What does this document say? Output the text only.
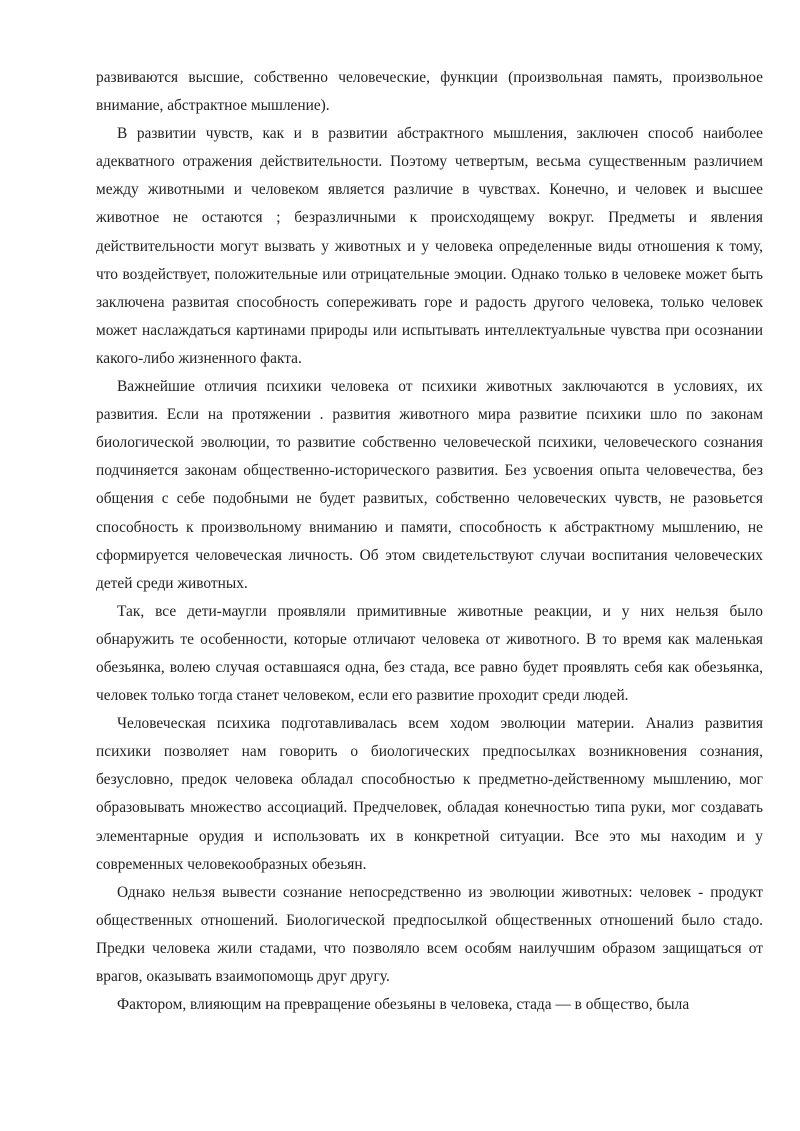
развиваются высшие, собственно человеческие, функции (произвольная память, произвольное внимание, абстрактное мышление).

В развитии чувств, как и в развитии абстрактного мышления, заключен способ наиболее адекватного отражения действительности. Поэтому четвертым, весьма существенным различием между животными и человеком является различие в чувствах. Конечно, и человек и высшее животное не остаются ; безразличными к происходящему вокруг. Предметы и явления действительности могут вызвать у животных и у человека определенные виды отношения к тому, что воздействует, положительные или отрицательные эмоции. Однако только в человеке может быть заключена развитая способность сопереживать горе и радость другого человека, только человек может наслаждаться картинами природы или испытывать интеллектуальные чувства при осознании какого-либо жизненного факта.

Важнейшие отличия психики человека от психики животных заключаются в условиях, их развития. Если на протяжении . развития животного мира развитие психики шло по законам биологической эволюции, то развитие собственно человеческой психики, человеческого сознания подчиняется законам общественно-исторического развития. Без усвоения опыта человечества, без общения с себе подобными не будет развитых, собственно человеческих чувств, не разовьется способность к произвольному вниманию и памяти, способность к абстрактному мышлению, не сформируется человеческая личность. Об этом свидетельствуют случаи воспитания человеческих детей среди животных.

Так, все дети-маугли проявляли примитивные животные реакции, и у них нельзя было обнаружить те особенности, которые отличают человека от животного. В то время как маленькая обезьянка, волею случая оставшаяся одна, без стада, все равно будет проявлять себя как обезьянка, человек только тогда станет человеком, если его развитие проходит среди людей.

Человеческая психика подготавливалась всем ходом эволюции материи. Анализ развития психики позволяет нам говорить о биологических предпосылках возникновения сознания, безусловно, предок человека обладал способностью к предметно-действенному мышлению, мог образовывать множество ассоциаций. Предчеловек, обладая конечностью типа руки, мог создавать элементарные орудия и использовать их в конкретной ситуации. Все это мы находим и у современных человекообразных обезьян.

Однако нельзя вывести сознание непосредственно из эволюции животных: человек - продукт общественных отношений. Биологической предпосылкой общественных отношений было стадо. Предки человека жили стадами, что позволяло всем особям наилучшим образом защищаться от врагов, оказывать взаимопомощь друг другу.

Фактором, влияющим на превращение обезьяны в человека, стада — в общество, была
